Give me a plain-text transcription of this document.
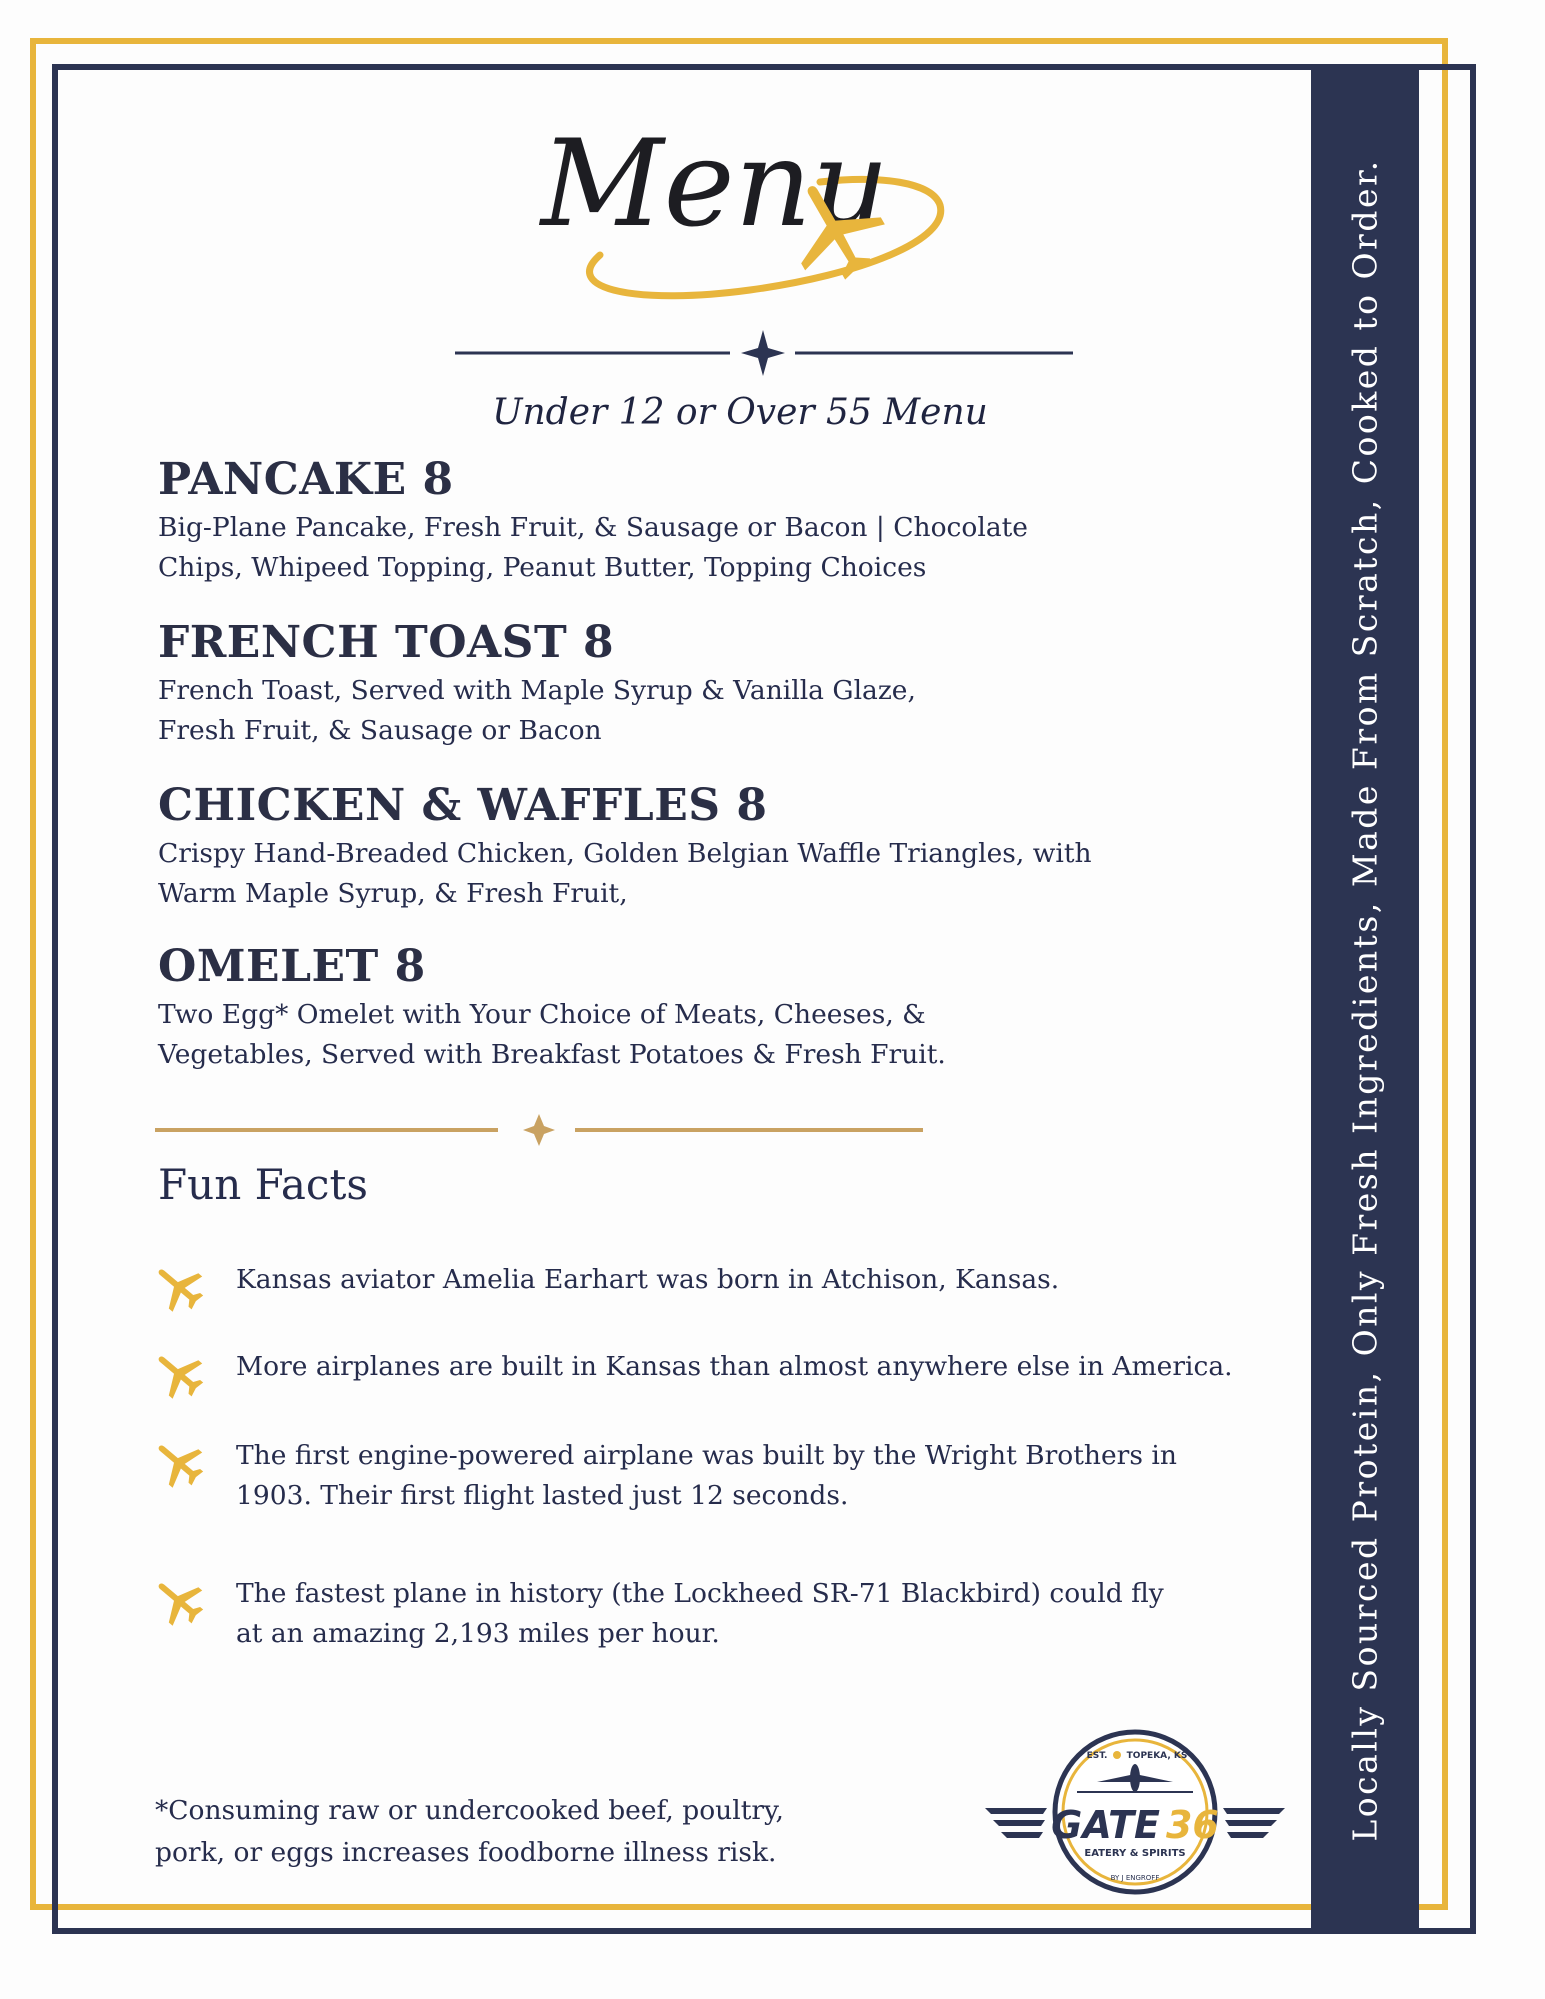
Locally Sourced Protein, Only Fresh Ingredients, Made From Scratch, Cooked to Order.
Menu
Under 12 or Over 55 Menu
PANCAKE 8

Big-Plane Pancake, Fresh Fruit, & Sausage or Bacon | Chocolate Chips, Whipeed Topping, Peanut Butter, Topping Choices

FRENCH TOAST 8

French Toast, Served with Maple Syrup & Vanilla Glaze, Fresh Fruit, & Sausage or Bacon

CHICKEN & WAFFLES 8

Crispy Hand-Breaded Chicken, Golden Belgian Waffle Triangles, with Warm Maple Syrup, & Fresh Fruit,

OMELET 8

Two Egg* Omelet with Your Choice of Meats, Cheeses, & Vegetables, Served with Breakfast Potatoes & Fresh Fruit.

Fun Facts
Kansas aviator Amelia Earhart was born in Atchison, Kansas.
More airplanes are built in Kansas than almost anywhere else in America.
The first engine-powered airplane was built by the Wright Brothers in 1903. Their first flight lasted just 12 seconds.
The fastest plane in history (the Lockheed SR-71 Blackbird) could fly at an amazing 2,193 miles per hour.
*Consuming raw or undercooked beef, poultry, pork, or eggs increases foodborne illness risk.
EST. TOPEKA, KS
GATE 36
EATERY & SPIRITS
BY J ENGROFF
